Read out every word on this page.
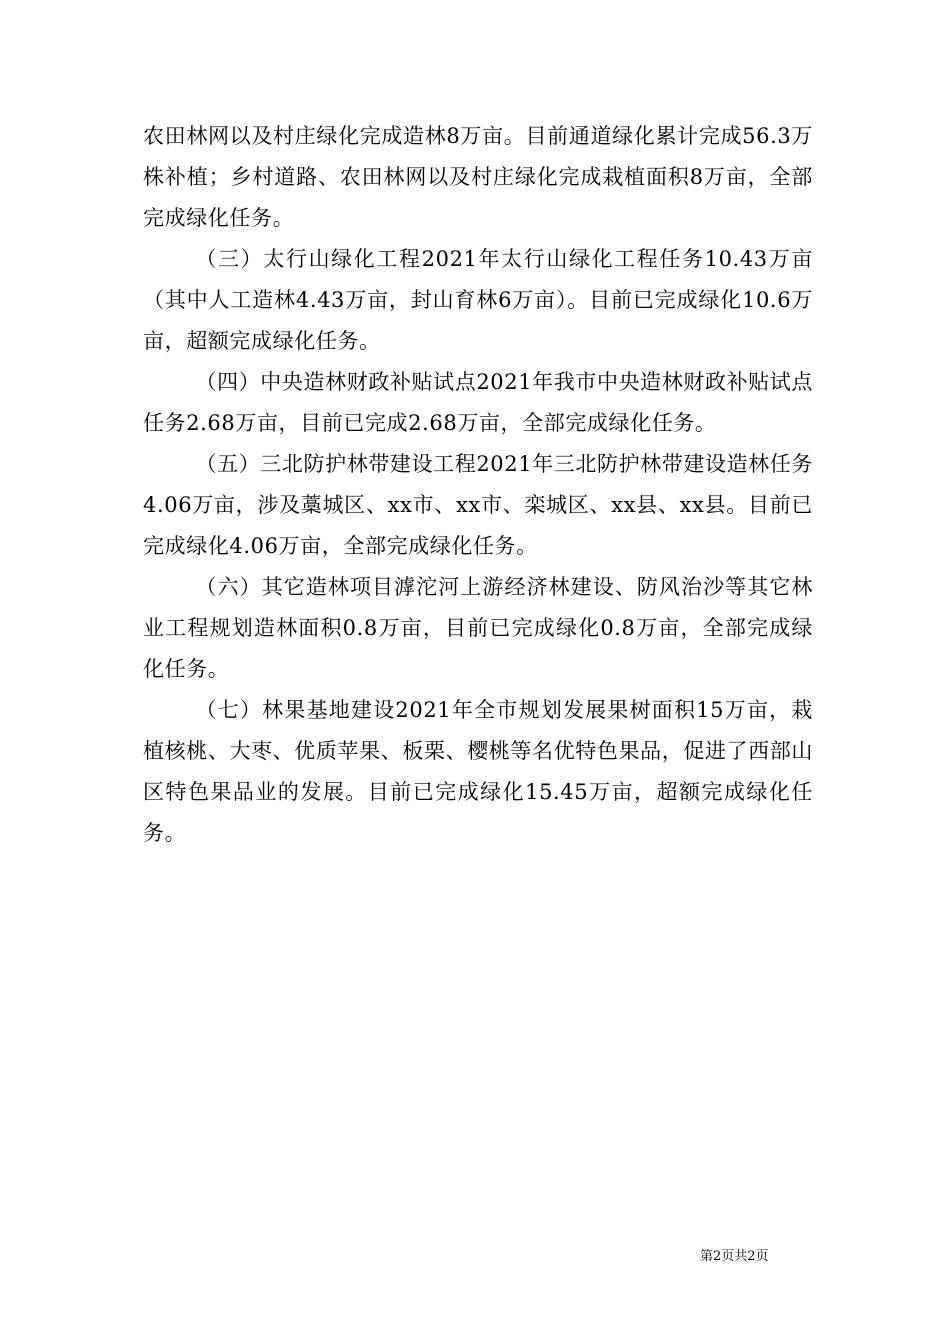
农田林网以及村庄绿化完成造林8万亩。目前通道绿化累计完成56.3万株补植；乡村道路、农田林网以及村庄绿化完成栽植面积8万亩，全部完成绿化任务。

（三）太行山绿化工程2021年太行山绿化工程任务10.43万亩（其中人工造林4.43万亩，封山育林6万亩）。目前已完成绿化10.6万亩，超额完成绿化任务。

（四）中央造林财政补贴试点2021年我市中央造林财政补贴试点任务2.68万亩，目前已完成2.68万亩，全部完成绿化任务。

（五）三北防护林带建设工程2021年三北防护林带建设造林任务4.06万亩，涉及藁城区、xx市、xx市、栾城区、xx县、xx县。目前已完成绿化4.06万亩，全部完成绿化任务。

（六）其它造林项目滹沱河上游经济林建设、防风治沙等其它林业工程规划造林面积0.8万亩，目前已完成绿化0.8万亩，全部完成绿化任务。

（七）林果基地建设2021年全市规划发展果树面积15万亩，栽植核桃、大枣、优质苹果、板栗、樱桃等名优特色果品，促进了西部山区特色果品业的发展。目前已完成绿化15.45万亩，超额完成绿化任务。

第2页共2页
